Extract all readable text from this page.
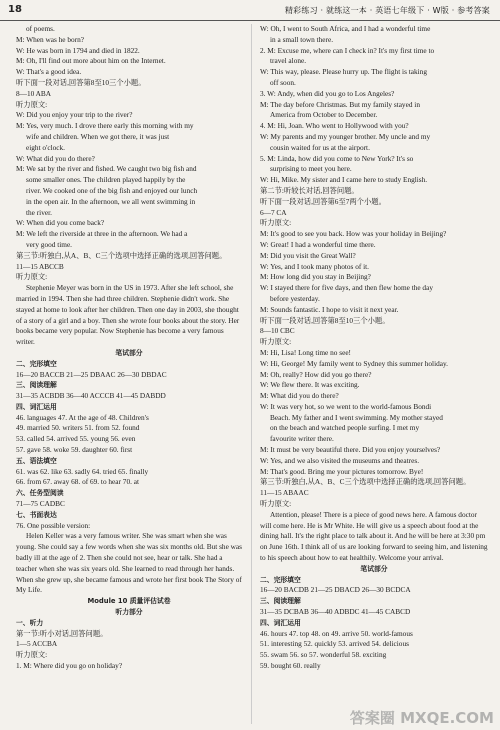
18	精彩练习 · 就练这一本 · 英语七年级下 · W版 · 参考答案
of poems.
M: When was he born?
W: He was born in 1794 and died in 1822.
M: Oh, I'll find out more about him on the Internet.
W: That's a good idea.
听下面一段对话,回答第8至10三个小题。
8—10 ABA
听力原文:
W: Did you enjoy your trip to the river?
M: Yes, very much. I drove there early this morning with my
wife and children. When we got there, it was just
eight o'clock.
W: What did you do there?
M: We sat by the river and fished. We caught two big fish and
some smaller ones. The children played happily by the
river. We cooked one of the big fish and enjoyed our lunch
in the open air. In the afternoon, we all went swimming in
the river.
W: When did you come back?
M: We left the riverside at three in the afternoon. We had a
very good time.
第三节:听独白,从A、B、C三个选项中选择正确的选项,回答问题。
11—15 ABCCB
听力原文:
Stephenie Meyer was born in the US in 1973. After she left school, she married in 1994. Then she had three children. Stephenie didn't work. She stayed at home to look after her children. Then one day in 2003, she thought of a story of a girl and a boy. Then she wrote four books about the story. Her books became very popular. Now Stephenie has become a very famous writer.
笔试部分
二、完形填空
16—20 BACCB 21—25 DBAAC 26—30 DBDAC
三、阅读理解
31—35 ACBDB 36—40 ACCCB 41—45 DABDD
四、词汇运用
46. languages 47. At the age of 48. Children's
49. married 50. writers 51. from 52. found
53. called 54. arrived 55. young 56. even
57. gave 58. woke 59. daughter 60. first
五、语法填空
61. was 62. like 63. sadly 64. tried 65. finally
66. from 67. away 68. of 69. to hear 70. at
六、任务型阅读
71—75 CADBC
七、书面表达
76. One possible version:
Helen Keller was a very famous writer. She was smart when she was young. She could say a few words when she was six months old. But she was badly ill at the age of 2. Then she could not see, hear or talk. She had a teacher when she was six years old. She learned to read through her hands. When she grew up, she became famous and wrote her first book The Story of My Life.
Module 10 质量评估试卷
听力部分
一、听力
第一节:听小对话,回答问题。
1—5 ACCBA
听力原文:
1. M: Where did you go on holiday?
W: Oh, I went to South Africa, and I had a wonderful time
in a small town there.
2. M: Excuse me, where can I check in? It's my first time to
travel alone.
W: This way, please. Please hurry up. The flight is taking
off soon.
3. W: Andy, when did you go to Los Angeles?
M: The day before Christmas. But my family stayed in
America from October to December.
4. M: Hi, Joan. Who went to Hollywood with you?
W: My parents and my younger brother. My uncle and my
cousin waited for us at the airport.
5. M: Linda, how did you come to New York? It's so
surprising to meet you here.
W: Hi, Mike. My sister and I came here to study English.
第二节:听较长对话,回答问题。
听下面一段对话,回答第6至7两个小题。
6—7 CA
听力原文:
M: It's good to see you back. How was your holiday in Beijing?
W: Great! I had a wonderful time there.
M: Did you visit the Great Wall?
W: Yes, and I took many photos of it.
M: How long did you stay in Beijing?
W: I stayed there for five days, and then flew home the day
before yesterday.
M: Sounds fantastic. I hope to visit it next year.
听下面一段对话,回答第8至10三个小题。
8—10 CBC
听力原文:
M: Hi, Lisa! Long time no see!
W: Hi, George! My family went to Sydney this summer holiday.
M: Oh, really? How did you go there?
W: We flew there. It was exciting.
M: What did you do there?
W: It was very hot, so we went to the world-famous Bondi
Beach. My father and I went swimming. My mother stayed
on the beach and watched people surfing. I met my
favourite writer there.
M: It must be very beautiful there. Did you enjoy yourselves?
W: Yes, and we also visited the museums and theatres.
M: That's good. Bring me your pictures tomorrow. Bye!
第三节:听独白,从A、B、C三个选项中选择正确的选项,回答问题。
11—15 ABAAC
听力原文:
Attention, please! There is a piece of good news here. A famous doctor will come here. He is Mr White. He will give us a speech about food at the dining hall. It's the right place to talk about it. And he will be here at 3:30 pm on June 16th. I think all of us are looking forward to seeing him, and listening to his speech about how to eat healthily. Welcome your arrival.
笔试部分
二、完形填空
16—20 BACDB 21—25 DBACD 26—30 BCDCA
三、阅读理解
31—35 DCBAB 36—40 ADBDC 41—45 CABCD
四、词汇运用
46. hours 47. top 48. on 49. arrive 50. world-famous
51. interesting 52. quickly 53. arrived 54. delicious
55. swam 56. so 57. wonderful 58. exciting
59. bought 60. really
答案圈 MXQE.COM
